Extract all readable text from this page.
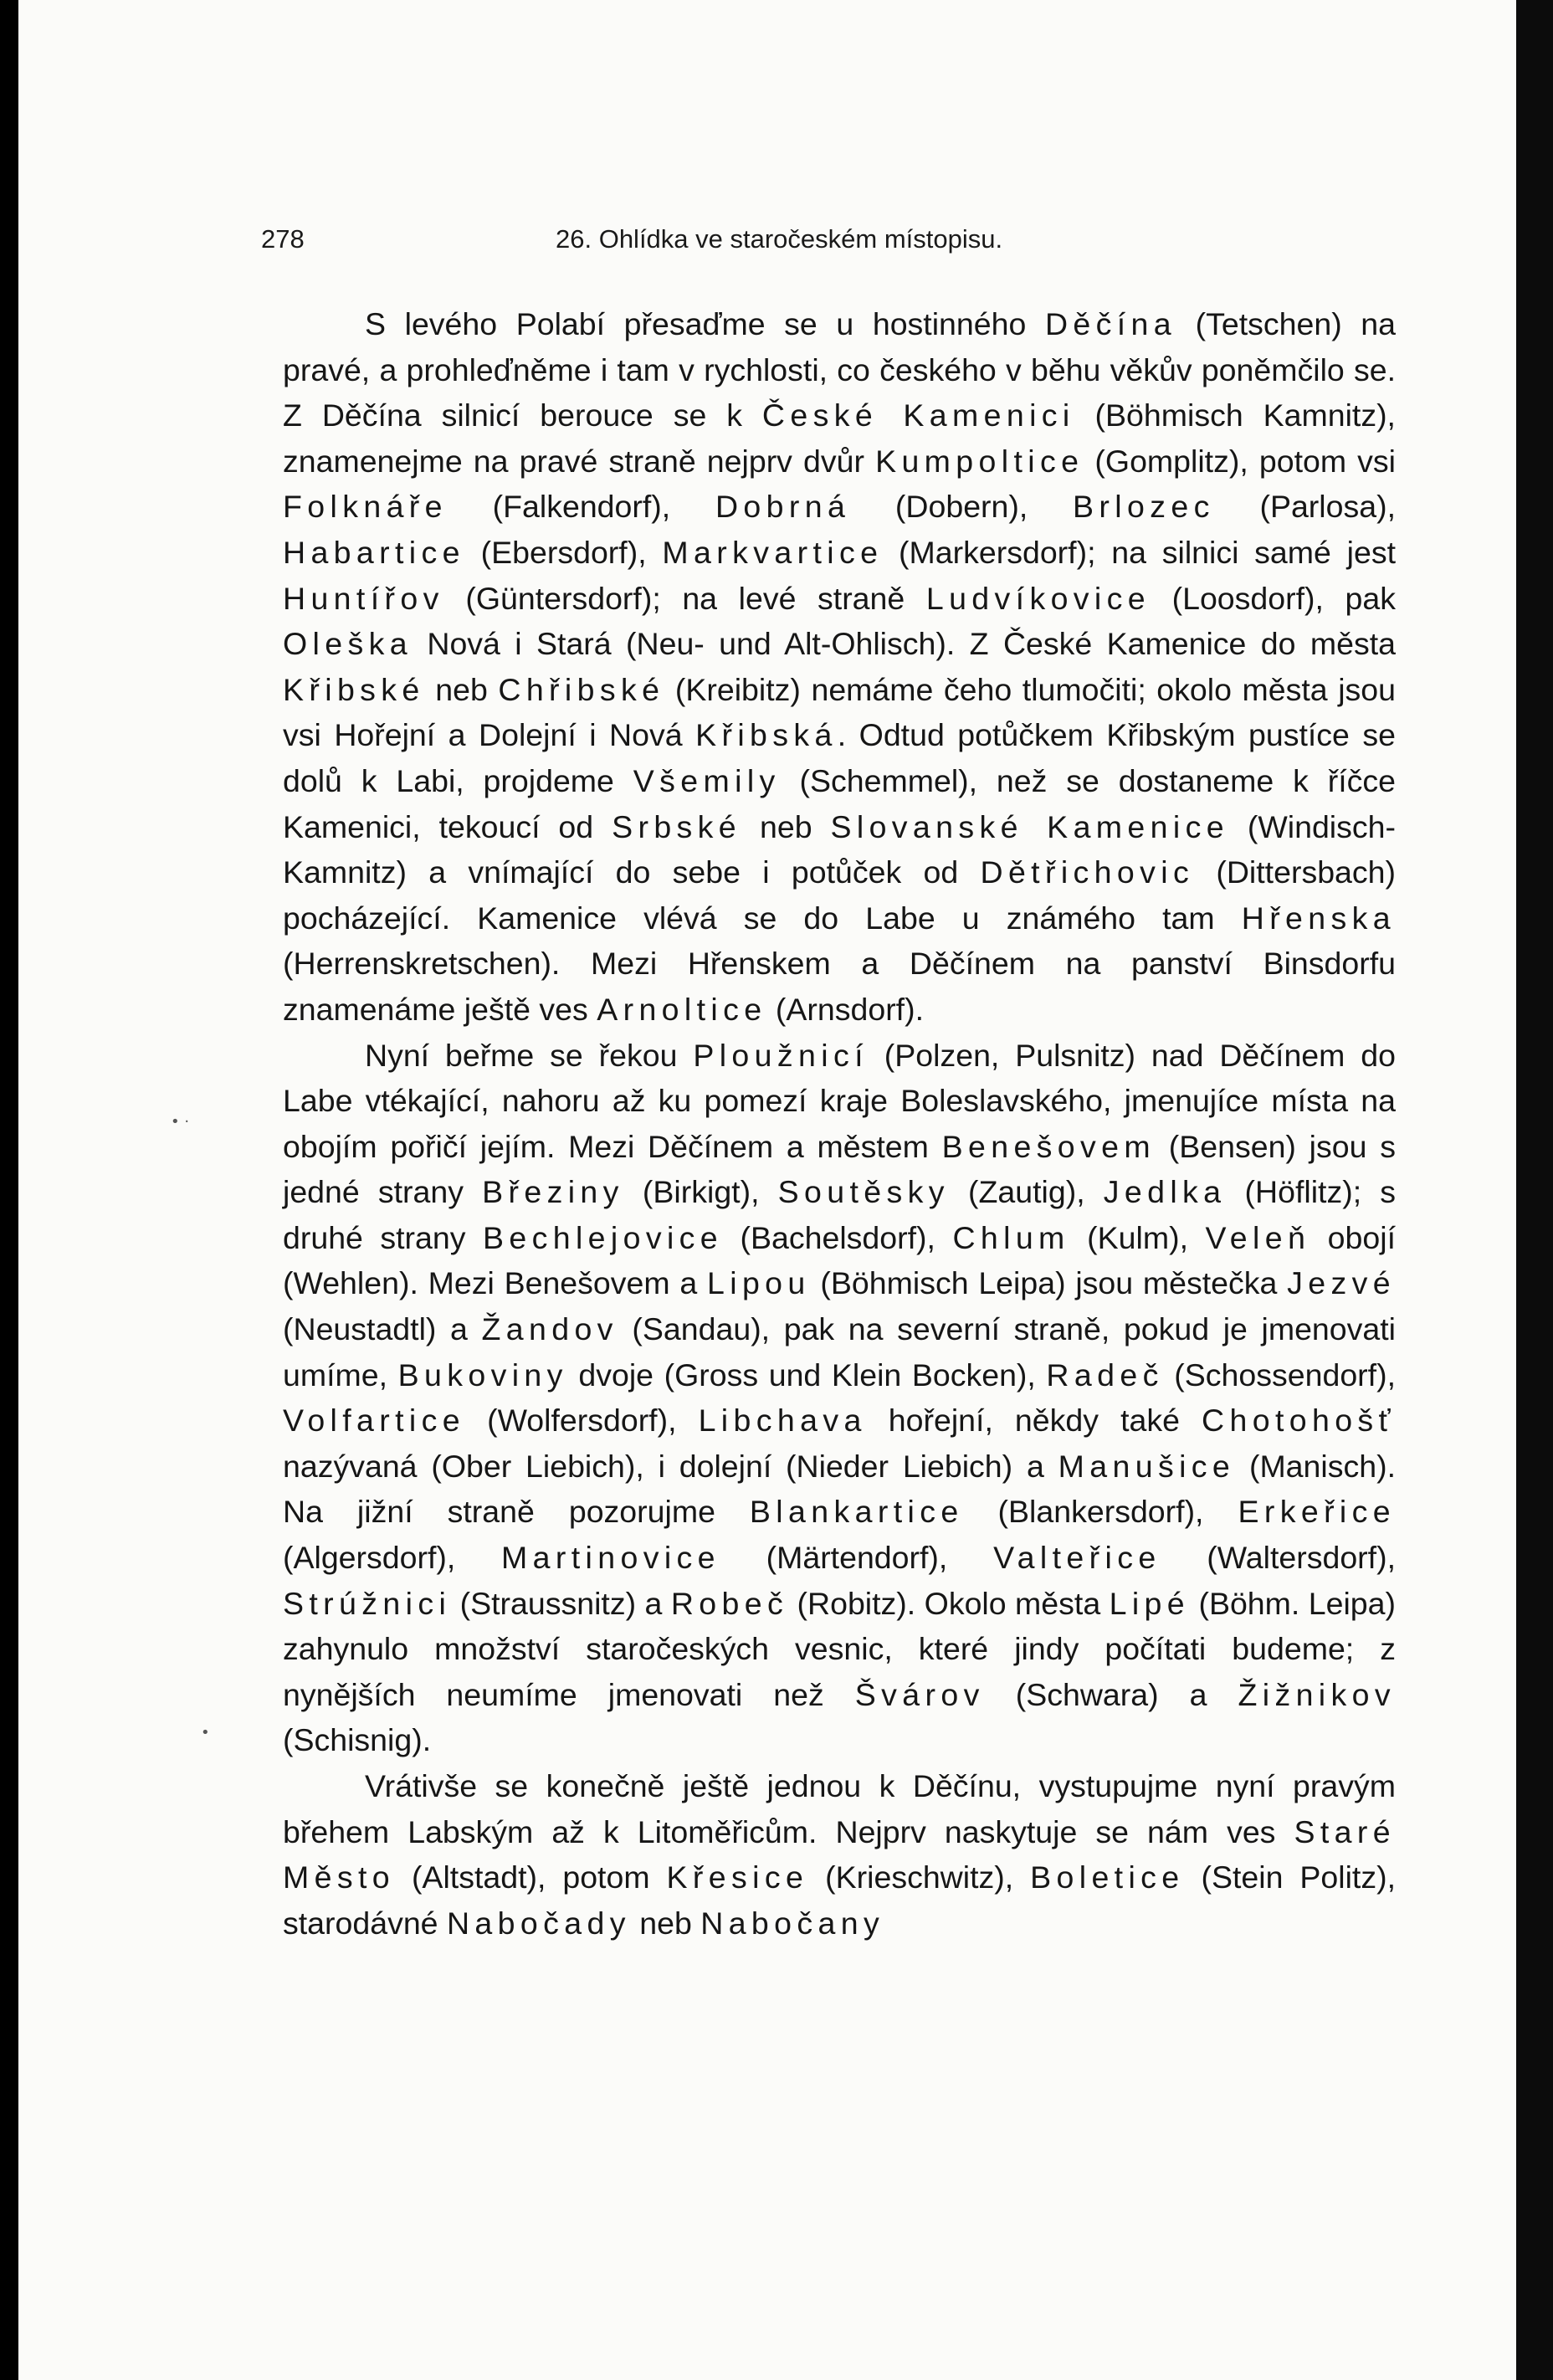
278	26. Ohlídka ve staročeském místopisu.

S levého Polabí přesaďme se u hostinného Děčína (Tetschen) na pravé, a prohleďněme i tam v rychlosti, co českého v běhu věkův poněmčilo se. Z Děčína silnicí berouce se k České Kamenici (Böhmisch Kamnitz), znamenejme na pravé straně nejprv dvůr Kumpoltice (Gomplitz), potom vsi Folknáře (Falkendorf), Dobrná (Dobern), Brlozec (Parlosa), Habartice (Ebersdorf), Markvartice (Markersdorf); na silnici samé jest Huntířov (Güntersdorf); na levé straně Ludvíkovice (Loosdorf), pak Oleška Nová i Stará (Neu- und Alt-Ohlisch). Z České Kamenice do města Křibské neb Chřibské (Kreibitz) nemáme čeho tlumočiti; okolo města jsou vsi Hořejní a Dolejní i Nová Křibská. Odtud potůčkem Křibským pustíce se dolů k Labi, projdeme Všemily (Schemmel), než se dostaneme k říčce Kamenici, tekoucí od Srbské neb Slovanské Kamenice (Windisch-Kamnitz) a vnímající do sebe i potůček od Dětřichovic (Dittersbach) pocházející. Kamenice vlévá se do Labe u známého tam Hřenska (Herrenskretschen). Mezi Hřenskem a Děčínem na panství Binsdorfu znamenáme ještě ves Arnoltice (Arnsdorf).

Nyní beřme se řekou Ploužnicí (Polzen, Pulsnitz) nad Děčínem do Labe vtékající, nahoru až ku pomezí kraje Boleslavského, jmenujíce místa na obojím pořičí jejím. Mezi Děčínem a městem Benešovem (Bensen) jsou s jedné strany Březiny (Birkigt), Soutěsky (Zautig), Jedlka (Höflitz); s druhé strany Bechlejovice (Bachelsdorf), Chlum (Kulm), Veleň obojí (Wehlen). Mezi Benešovem a Lipou (Böhmisch Leipa) jsou městečka Jezvé (Neustadtl) a Žandov (Sandau), pak na severní straně, pokud je jmenovati umíme, Bukoviny dvoje (Gross und Klein Bocken), Radeč (Schossendorf), Volfartice (Wolfersdorf), Libchava hořejní, někdy také Chotohošť nazývaná (Ober Liebich), i dolejní (Nieder Liebich) a Manušice (Manisch). Na jižní straně pozorujme Blankartice (Blankersdorf), Erkeřice (Algersdorf), Martinovice (Märtendorf), Valteřice (Waltersdorf), Strúžnici (Straussnitz) a Robeč (Robitz). Okolo města Lipé (Böhm. Leipa) zahynulo množství staročeských vesnic, které jindy počítati budeme; z nynějších neumíme jmenovati než Švárov (Schwara) a Žižnikov (Schisnig).

Vrátivše se konečně ještě jednou k Děčínu, vystupujme nyní pravým břehem Labským až k Litoměřicům. Nejprv naskytuje se nám ves Staré Město (Altstadt), potom Křesice (Krieschwitz), Boletice (Stein Politz), starodávné Nabočady neb Nabočany

• ·
•
